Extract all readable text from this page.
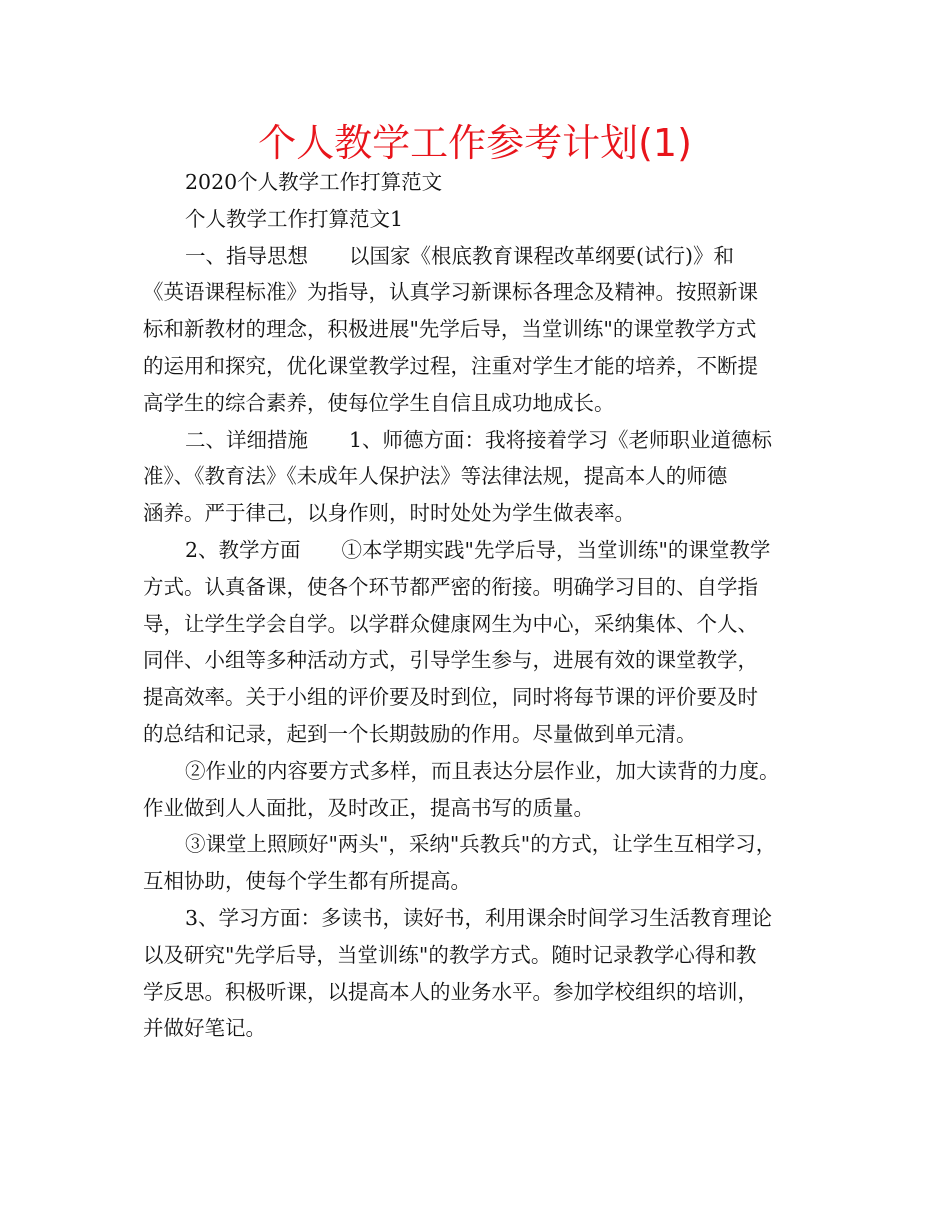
个人教学工作参考计划(1)
2020个人教学工作打算范文
个人教学工作打算范文1
一、指导思想　　以国家《根底教育课程改革纲要(试行)》和
《英语课程标准》为指导，认真学习新课标各理念及精神。按照新课
标和新教材的理念，积极进展"先学后导，当堂训练"的课堂教学方式
的运用和探究，优化课堂教学过程，注重对学生才能的培养，不断提
高学生的综合素养，使每位学生自信且成功地成长。
二、详细措施　　1、师德方面：我将接着学习《老师职业道德标
准》、《教育法》《未成年人保护法》等法律法规，提高本人的师德
涵养。严于律己，以身作则，时时处处为学生做表率。
2、教学方面　　①本学期实践"先学后导，当堂训练"的课堂教学
方式。认真备课，使各个环节都严密的衔接。明确学习目的、自学指
导，让学生学会自学。以学群众健康网生为中心，采纳集体、个人、
同伴、小组等多种活动方式，引导学生参与，进展有效的课堂教学，
提高效率。关于小组的评价要及时到位，同时将每节课的评价要及时
的总结和记录，起到一个长期鼓励的作用。尽量做到单元清。
②作业的内容要方式多样，而且表达分层作业，加大读背的力度。
作业做到人人面批，及时改正，提高书写的质量。
③课堂上照顾好"两头"，采纳"兵教兵"的方式，让学生互相学习，
互相协助，使每个学生都有所提高。
3、学习方面：多读书，读好书，利用课余时间学习生活教育理论
以及研究"先学后导，当堂训练"的教学方式。随时记录教学心得和教
学反思。积极听课，以提高本人的业务水平。参加学校组织的培训，
并做好笔记。
